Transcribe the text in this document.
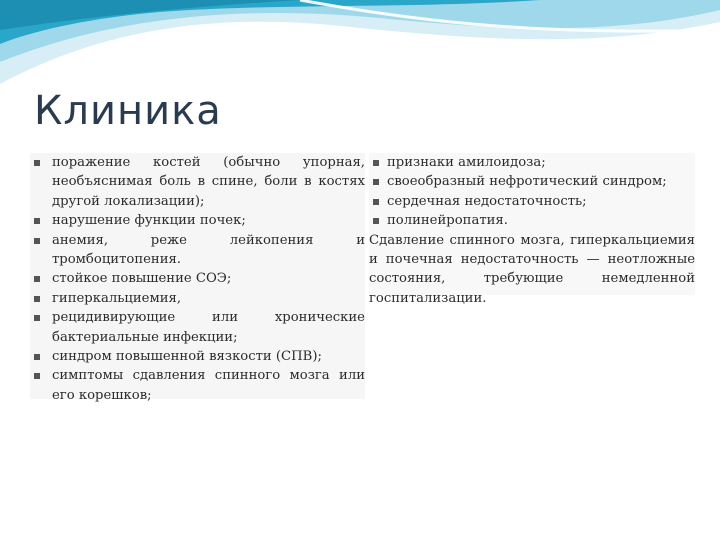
Клиника
поражение костей (обычно упорная, необъяснимая боль в спине, боли в костях другой локализации);
нарушение функции почек;
анемия, реже лейкопения и тромбоцитопения.
стойкое повышение СОЭ;
гиперкальциемия,
рецидивирующие или хронические бактериальные инфекции;
синдром повышенной вязкости (СПВ);
симптомы сдавления спинного мозга или его корешков;
признаки амилоидоза;
своеобразный нефротический синдром;
сердечная недостаточность;
полинейропатия.
Сдавление спинного мозга, гиперкальциемия и почечная недостаточность — неотложные состояния, требующие немедленной госпитализации.
